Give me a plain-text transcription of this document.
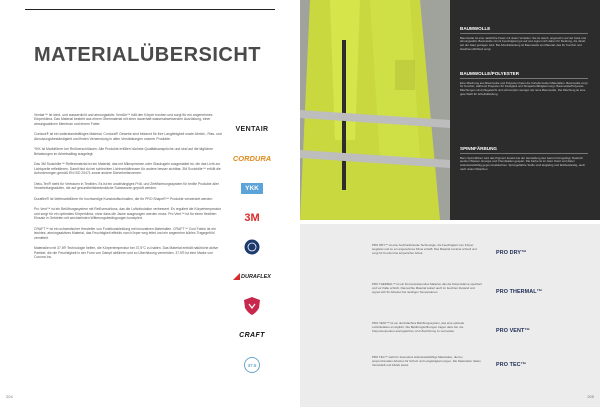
MATERIALÜBERSICHT

Ventair™ ist wind- und wasserdicht und atmungsaktiv. VentAir™ hält den Körper trocken und sorgt für ein angenehmes Körperklima. Das Material besteht aus einem Obermaterial mit einer dauerhaft wasserabweisenden Ausrüstung, einer atmungsaktiven Membran und einem Futter.

Cordura® ist ein widerstandsfähiges Material. Cordura® Gewebe sind bekannt für ihre Langlebigkeit sowie Abrieb-, Riss- und Abnutzungsbeständigkeit und finden Verwendung in allen Verstärkungen unserer Produkte.

YKK ist Marktführer bei Reißverschlüssen. Alle Produkte erfüllen höchste Qualitätsansprüche und sind auf die täglichen Belastungen im Arbeitsalltag ausgelegt.

Das 3M Scotchlite™ Reflexmaterial ist ein Material, das mit Mikroprismen oder Glaskugeln ausgestattet ist, die das Licht zur Lichtquelle reflektieren. Damit bist du bei schlechten Lichtverhältnissen für andere besser sichtbar. 3M Scotchlite™ erfüllt die Anforderungen gemäß EN ISO 20471 sowie andere Sicherheitsnormen.

Oeko-Tex® steht für Vertrauen in Textilien. Es ist ein unabhängiges Prüf- und Zertifizierungssystem für textile Produkte aller Verarbeitungsstufen, die auf gesundheitsbedenkliche Substanzen geprüft werden.

Duraflex® ist Weltmarktführer für hochwertige Kunststoffschnallen, die für PRO ShapeR™ Produkte verwendet werden.

Pro Vent™ ist ein Belüftungssystem mit Reißverschluss, das die Luftzirkulation verbessert. Es reguliert die Körpertemperatur und sorgt für ein optimales Körperklima, ohne dass die Jacke ausgezogen werden muss. Pro Vent™ ist für einen flexiblen Einsatz in Gebieten mit wechselnden Witterungsbedingungen konzipiert.

CRAFT™ ist ein schwedischer Hersteller von Funktionskleidung mit innovativen Materialien. CRAFT™ Cool Fabric ist ein leichtes, atmungsaktives Material, das Feuchtigkeit effektiv vom Körper weg leitet und ein angenehm kühles Tragegefühl vermittelt.

Materialien mit 37.5® Technologie helfen, die Körpertemperatur bei 37,5°C zu halten. Das Material enthält natürliche aktive Partikel, die die Feuchtigkeit in der Form von Dampf abführen und so Überhitzung vermeiden. 37.5® ist eine Marke von Cocona Inc.

VENTAIR
CORDURA
YKK
3M
DURAFLEX
CRAFT
37.5
204
BAUMWOLLE
Baumwolle ist eine natürliche Faser mit vielen Vorteilen. Sie ist weich, angenehm auf der Haut und atmungsaktiv. Baumwolle nimmt Feuchtigkeit gut auf und eignet sich daher für Kleidung, die direkt auf der Haut getragen wird. Bei Arbeitskleidung ist Baumwolle ein Material, das für Komfort und Hautfreundlichkeit sorgt.
BAUMWOLLE/POLYESTER
Eine Mischung aus Baumwolle und Polyester bietet die Vorteile beider Materialien. Baumwolle sorgt für Komfort, während Polyester für Festigkeit und Strapazierfähigkeit sorgt. Baumwolle/Polyester-Mischungen sind pflegeleicht und schrumpfen weniger als reine Baumwolle. Die Mischung ist eine gute Wahl für Arbeitskleidung.
SPINNFÄRBUNG
Beim Spinnfärben wird das Pigment bereits bei der Herstellung des Garns hinzugefügt. Dadurch werden Wasser, Energie und Chemikalien gespart. Die Farbe ist im Garn fixiert und daher widerstandsfähig gegen Ausbleichen. Spinngefärbte Stoffe sind langlebig und farbbeständig, auch nach vielen Wäschen.
PRO DRY™ ist eine hochfunktionelle Technologie, die Feuchtigkeit vom Körper wegleitet und so ein angenehmes Klima schafft. Das Material trocknet schnell und sorgt für Komfort bei körperlicher Arbeit.	PRO DRY™
PRO THERMAL™ ist ein thermoisolierendes Material, das die Körperwärme speichert und vor Kälte schützt. Das leichte Material isoliert auch im feuchten Zustand und eignet sich für Arbeiten bei niedrigen Temperaturen.	PRO THERMAL™
PRO VENT™ ist ein durchdachtes Belüftungssystem, das eine optimale Luftzirkulation ermöglicht. Die Belüftungsöffnungen tragen dazu bei, die Körpertemperatur auszugleichen und Überhitzung zu vermeiden.	PRO VENT™
PRO TEC™ steht für besonders widerstandsfähige Materialien, die bei anspruchsvollen Arbeiten für Schutz und Langlebigkeit sorgen. Die Materialien halten Verschleiß und Abrieb stand.	PRO TEC™
205
